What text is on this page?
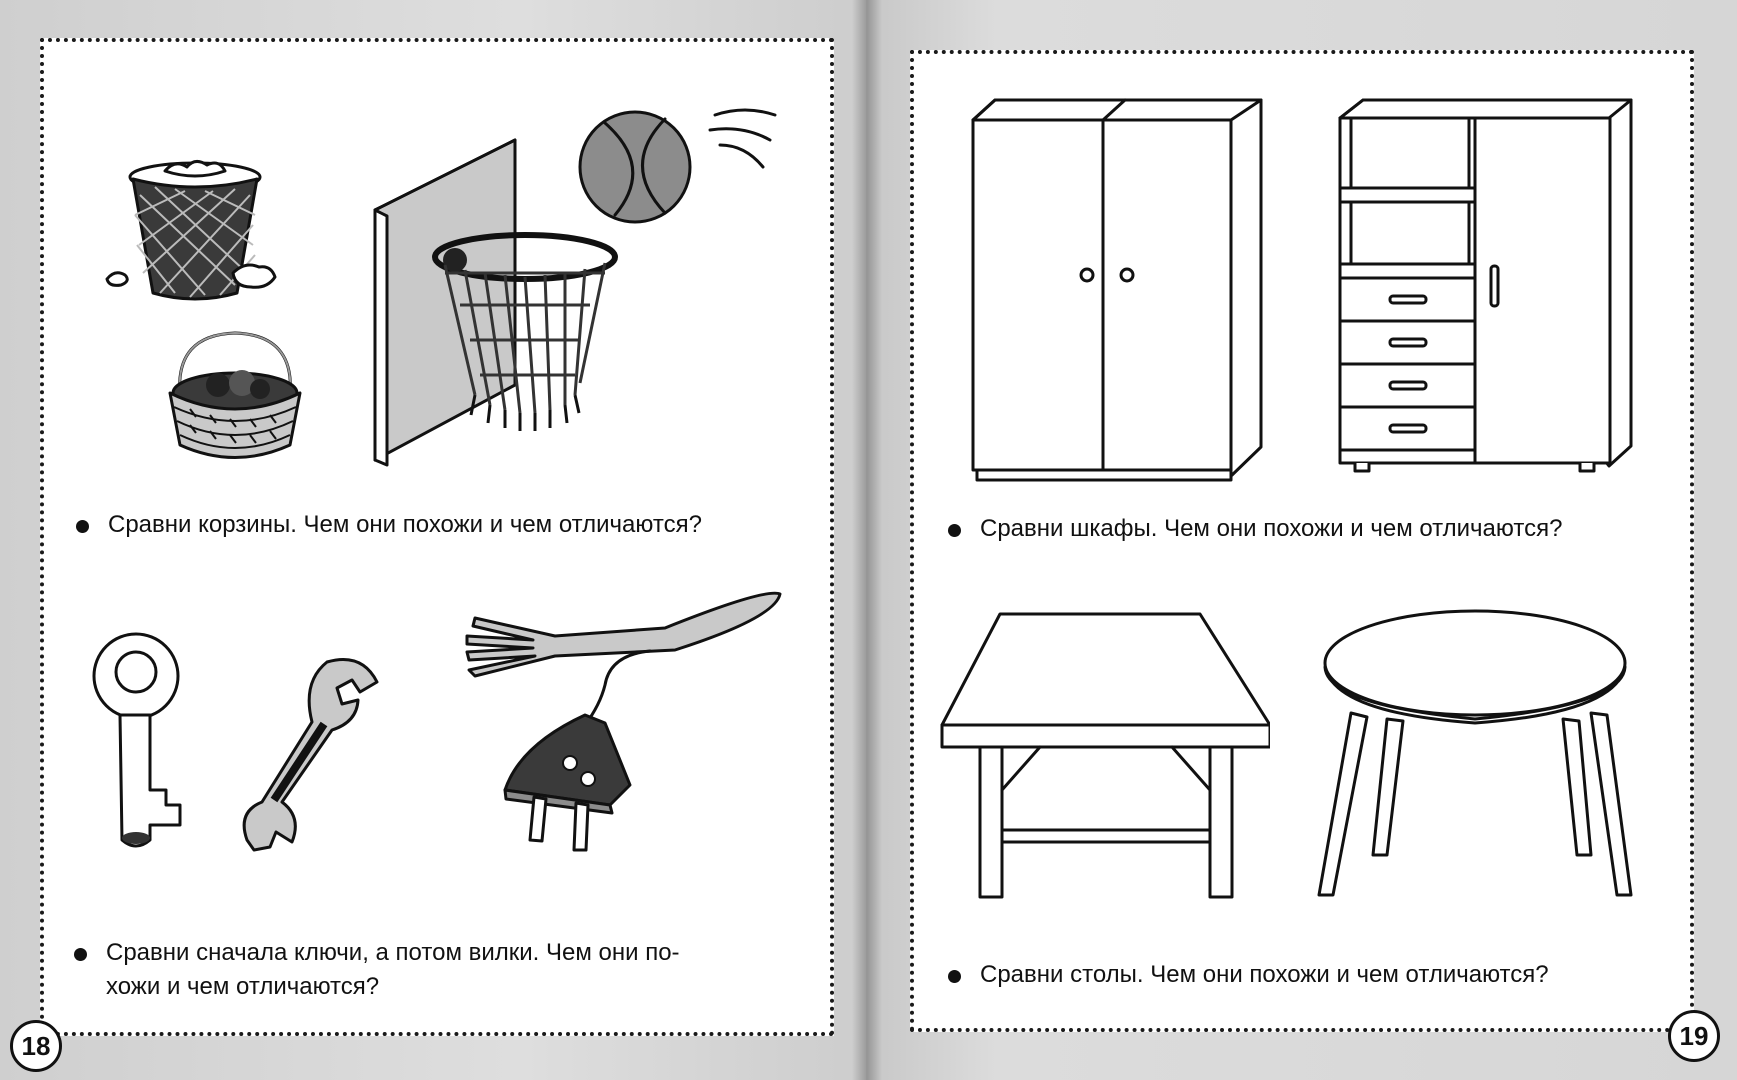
Сравни корзины. Чем они похожи и чем отличаются?
Сравни сначала ключи, а потом вилки. Чем они по-
хожи и чем отличаются?
18
Сравни шкафы. Чем они похожи и чем отличаются?
Сравни столы. Чем они похожи и чем отличаются?
19
